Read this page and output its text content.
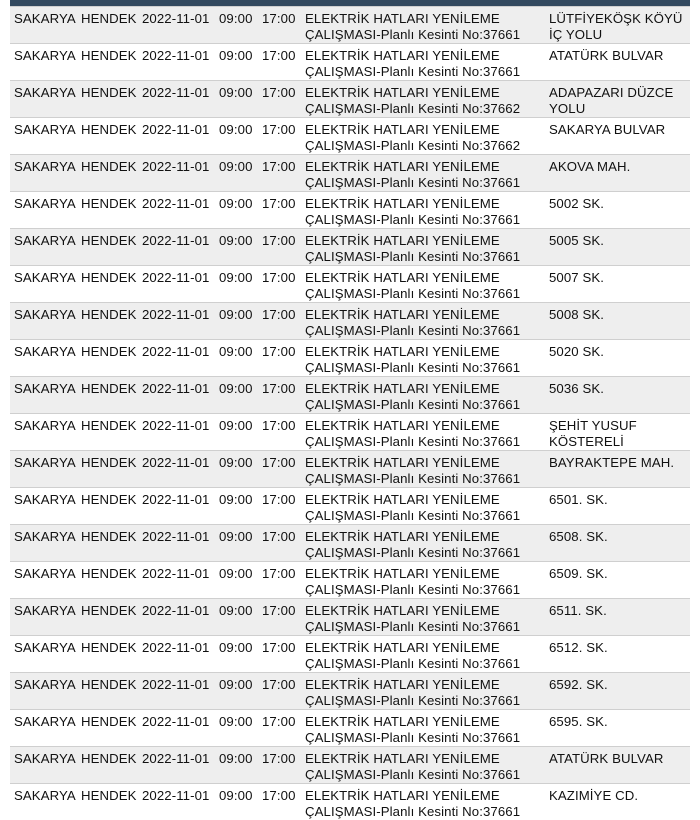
SAKARYA	HENDEK	2022-11-01	09:00	17:00	ELEKTRİK HATLARI YENİLEME ÇALIŞMASI-Planlı Kesinti No:37661	LÜTFİYEKÖŞK KÖYÜ İÇ YOLU
SAKARYA	HENDEK	2022-11-01	09:00	17:00	ELEKTRİK HATLARI YENİLEME ÇALIŞMASI-Planlı Kesinti No:37661	ATATÜRK BULVAR
SAKARYA	HENDEK	2022-11-01	09:00	17:00	ELEKTRİK HATLARI YENİLEME ÇALIŞMASI-Planlı Kesinti No:37662	ADAPAZARI DÜZCE YOLU
SAKARYA	HENDEK	2022-11-01	09:00	17:00	ELEKTRİK HATLARI YENİLEME ÇALIŞMASI-Planlı Kesinti No:37662	SAKARYA BULVAR
SAKARYA	HENDEK	2022-11-01	09:00	17:00	ELEKTRİK HATLARI YENİLEME ÇALIŞMASI-Planlı Kesinti No:37661	AKOVA MAH.
SAKARYA	HENDEK	2022-11-01	09:00	17:00	ELEKTRİK HATLARI YENİLEME ÇALIŞMASI-Planlı Kesinti No:37661	5002 SK.
SAKARYA	HENDEK	2022-11-01	09:00	17:00	ELEKTRİK HATLARI YENİLEME ÇALIŞMASI-Planlı Kesinti No:37661	5005 SK.
SAKARYA	HENDEK	2022-11-01	09:00	17:00	ELEKTRİK HATLARI YENİLEME ÇALIŞMASI-Planlı Kesinti No:37661	5007 SK.
SAKARYA	HENDEK	2022-11-01	09:00	17:00	ELEKTRİK HATLARI YENİLEME ÇALIŞMASI-Planlı Kesinti No:37661	5008 SK.
SAKARYA	HENDEK	2022-11-01	09:00	17:00	ELEKTRİK HATLARI YENİLEME ÇALIŞMASI-Planlı Kesinti No:37661	5020 SK.
SAKARYA	HENDEK	2022-11-01	09:00	17:00	ELEKTRİK HATLARI YENİLEME ÇALIŞMASI-Planlı Kesinti No:37661	5036 SK.
SAKARYA	HENDEK	2022-11-01	09:00	17:00	ELEKTRİK HATLARI YENİLEME ÇALIŞMASI-Planlı Kesinti No:37661	ŞEHİT YUSUF KÖSTERELİ
SAKARYA	HENDEK	2022-11-01	09:00	17:00	ELEKTRİK HATLARI YENİLEME ÇALIŞMASI-Planlı Kesinti No:37661	BAYRAKTEPE MAH.
SAKARYA	HENDEK	2022-11-01	09:00	17:00	ELEKTRİK HATLARI YENİLEME ÇALIŞMASI-Planlı Kesinti No:37661	6501. SK.
SAKARYA	HENDEK	2022-11-01	09:00	17:00	ELEKTRİK HATLARI YENİLEME ÇALIŞMASI-Planlı Kesinti No:37661	6508. SK.
SAKARYA	HENDEK	2022-11-01	09:00	17:00	ELEKTRİK HATLARI YENİLEME ÇALIŞMASI-Planlı Kesinti No:37661	6509. SK.
SAKARYA	HENDEK	2022-11-01	09:00	17:00	ELEKTRİK HATLARI YENİLEME ÇALIŞMASI-Planlı Kesinti No:37661	6511. SK.
SAKARYA	HENDEK	2022-11-01	09:00	17:00	ELEKTRİK HATLARI YENİLEME ÇALIŞMASI-Planlı Kesinti No:37661	6512. SK.
SAKARYA	HENDEK	2022-11-01	09:00	17:00	ELEKTRİK HATLARI YENİLEME ÇALIŞMASI-Planlı Kesinti No:37661	6592. SK.
SAKARYA	HENDEK	2022-11-01	09:00	17:00	ELEKTRİK HATLARI YENİLEME ÇALIŞMASI-Planlı Kesinti No:37661	6595. SK.
SAKARYA	HENDEK	2022-11-01	09:00	17:00	ELEKTRİK HATLARI YENİLEME ÇALIŞMASI-Planlı Kesinti No:37661	ATATÜRK BULVAR
SAKARYA	HENDEK	2022-11-01	09:00	17:00	ELEKTRİK HATLARI YENİLEME ÇALIŞMASI-Planlı Kesinti No:37661	KAZIMİYE CD.
